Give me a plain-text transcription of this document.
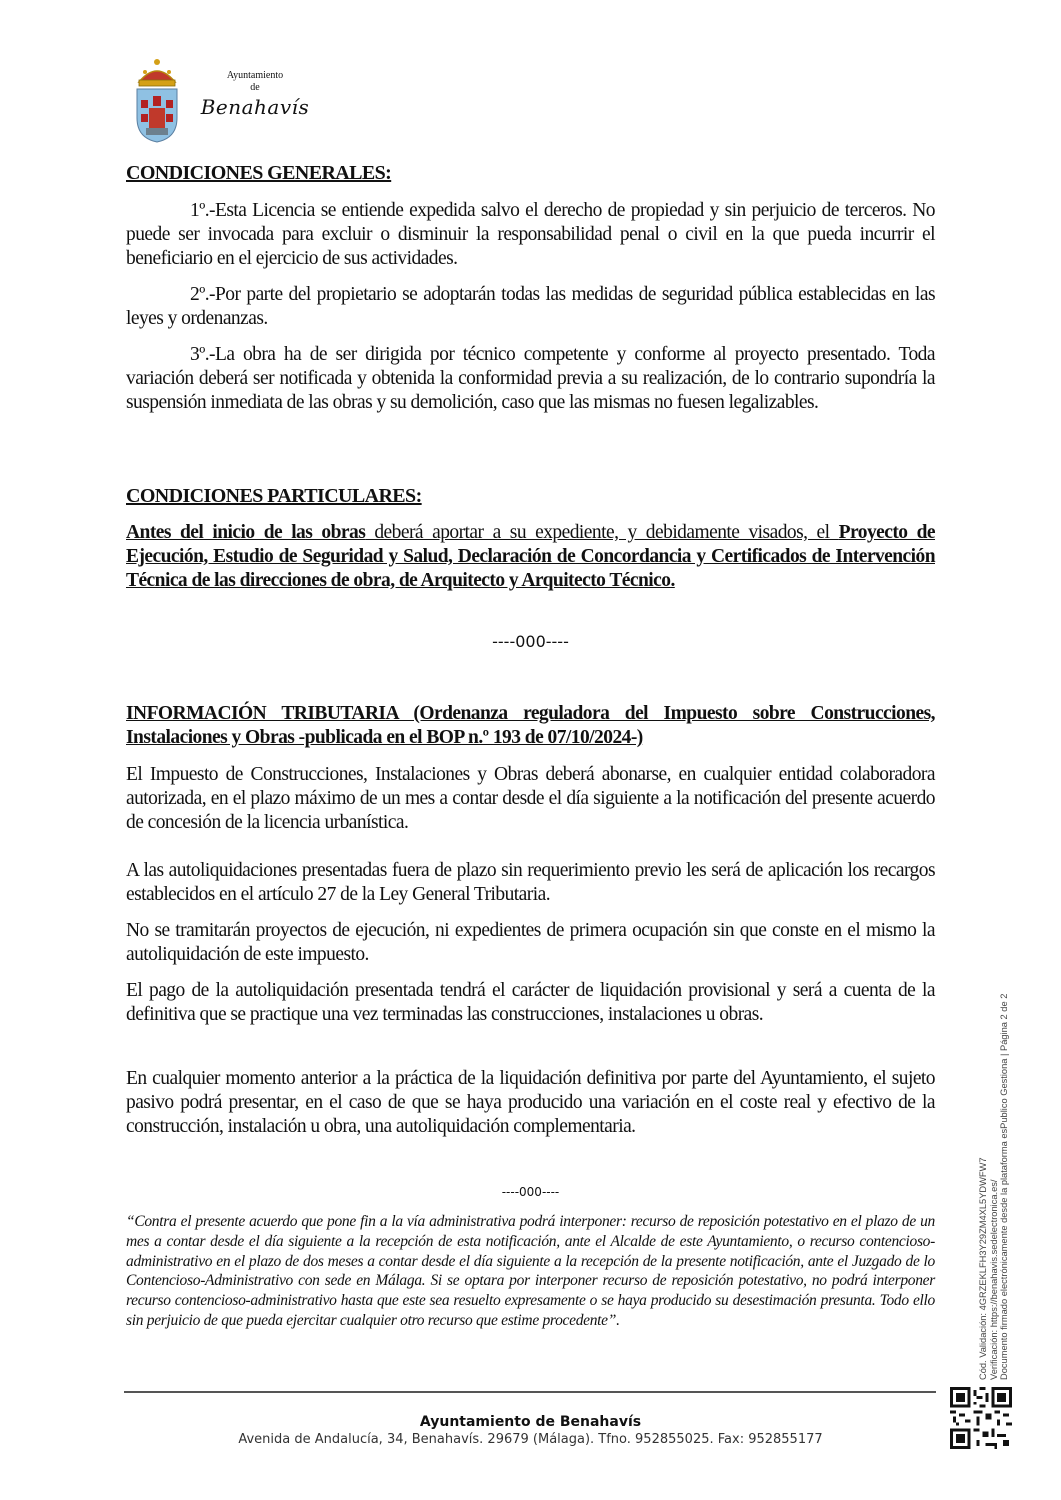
Ayuntamiento
de
Benahavís
CONDICIONES GENERALES:

1º.-Esta Licencia se entiende expedida salvo el derecho de propiedad y sin perjuicio de terceros. No puede ser invocada para excluir o disminuir la responsabilidad penal o civil en la que pueda incurrir el beneficiario en el ejercicio de sus actividades.

2º.-Por parte del propietario se adoptarán todas las medidas de seguridad pública establecidas en las leyes y ordenanzas.

3º.-La obra ha de ser dirigida por técnico competente y conforme al proyecto presentado. Toda variación deberá ser notificada y obtenida la conformidad previa a su realización, de lo contrario supondría la suspensión inmediata de las obras y su demolición, caso que las mismas no fuesen legalizables.

CONDICIONES PARTICULARES:

Antes del inicio de las obras deberá aportar a su expediente, y debidamente visados, el Proyecto de Ejecución, Estudio de Seguridad y Salud, Declaración de Concordancia y Certificados de Intervención Técnica de las direcciones de obra, de Arquitecto y Arquitecto Técnico.

----000----

INFORMACIÓN TRIBUTARIA (Ordenanza reguladora del Impuesto sobre Construcciones, Instalaciones y Obras -publicada en el BOP n.º 193 de 07/10/2024-)

El Impuesto de Construcciones, Instalaciones y Obras deberá abonarse, en cualquier entidad colaboradora autorizada, en el plazo máximo de un mes a contar desde el día siguiente a la notificación del presente acuerdo de concesión de la licencia urbanística.

A las autoliquidaciones presentadas fuera de plazo sin requerimiento previo les será de aplicación los recargos establecidos en el artículo 27 de la Ley General Tributaria.

No se tramitarán proyectos de ejecución, ni expedientes de primera ocupación sin que conste en el mismo la autoliquidación de este impuesto.

El pago de la autoliquidación presentada tendrá el carácter de liquidación provisional y será a cuenta de la definitiva que se practique una vez terminadas las construcciones, instalaciones u obras.

En cualquier momento anterior a la práctica de la liquidación definitiva por parte del Ayuntamiento, el sujeto pasivo podrá presentar, en el caso de que se haya producido una variación en el coste real y efectivo de la construcción, instalación u obra, una autoliquidación complementaria.

----000----

“Contra el presente acuerdo que pone fin a la vía administrativa podrá interponer: recurso de reposición potestativo en el plazo de un mes a contar desde el día siguiente a la recepción de esta notificación, ante el Alcalde de este Ayuntamiento, o recurso contencioso-administrativo en el plazo de dos meses a contar desde el día siguiente a la recepción de la presente notificación, ante el Juzgado de lo Contencioso-Administrativo con sede en Málaga. Si se optara por interponer recurso de reposición potestativo, no podrá interponer recurso contencioso-administrativo hasta que este sea resuelto expresamente o se haya producido su desestimación presunta. Todo ello sin perjuicio de que pueda ejercitar cualquier otro recurso que estime procedente”.

Ayuntamiento de Benahavís
Avenida de Andalucía, 34, Benahavís. 29679 (Málaga). Tfno. 952855025. Fax: 952855177
Cód. Validación: 4GRZEKLFH3Y29ZM4XL5YDWFW7 Verificación: https://benahavis.sedelectronica.es/ Documento firmado electrónicamente desde la plataforma esPublico Gestiona | Página 2 de 2
